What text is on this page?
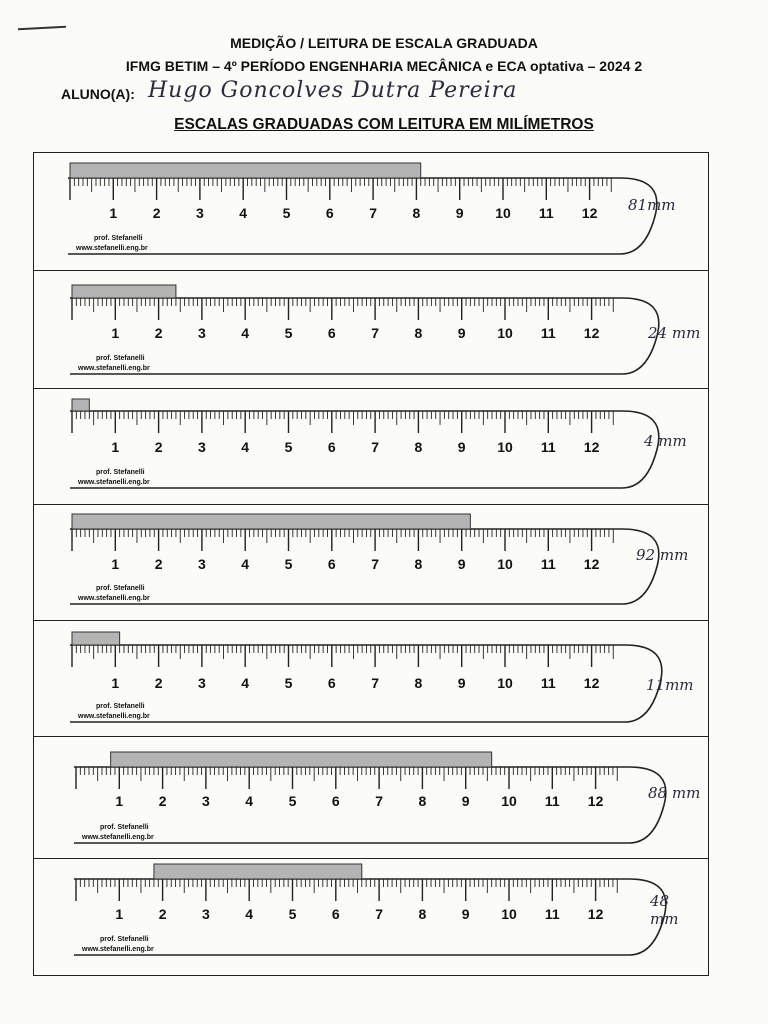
MEDIÇÃO / LEITURA DE ESCALA GRADUADA
IFMG BETIM – 4º PERÍODO ENGENHARIA MECÂNICA e ECA optativa – 2024 2
ALUNO(A): Hugo Goncolves Dutra Pereira
ESCALAS GRADUADAS COM LEITURA EM MILÍMETROS
1	2	3	4	5	6	7	8	9 10 11 12
prof. Stefanelli
www.stefanelli.eng.br
1	2	3	4	5	6	7	8	9 10 11 12
prof. Stefanelli
www.stefanelli.eng.br
1	2	3	4	5	6	7	8	9 10 11 12
prof. Stefanelli
www.stefanelli.eng.br
1	2	3	4	5	6	7	8	9 10 11 12
prof. Stefanelli
www.stefanelli.eng.br
1	2	3	4	5	6	7	8	9 10 11 12
prof. Stefanelli
www.stefanelli.eng.br
1	2	3	4	5	6	7	8	9 10 11 12
prof. Stefanelli
www.stefanelli.eng.br
1	2	3	4	5	6	7	8	9 10 11 12
prof. Stefanelli
www.stefanelli.eng.br
81mm
24 mm
4 mm
92 mm
11mm
88 mm
48
mm
